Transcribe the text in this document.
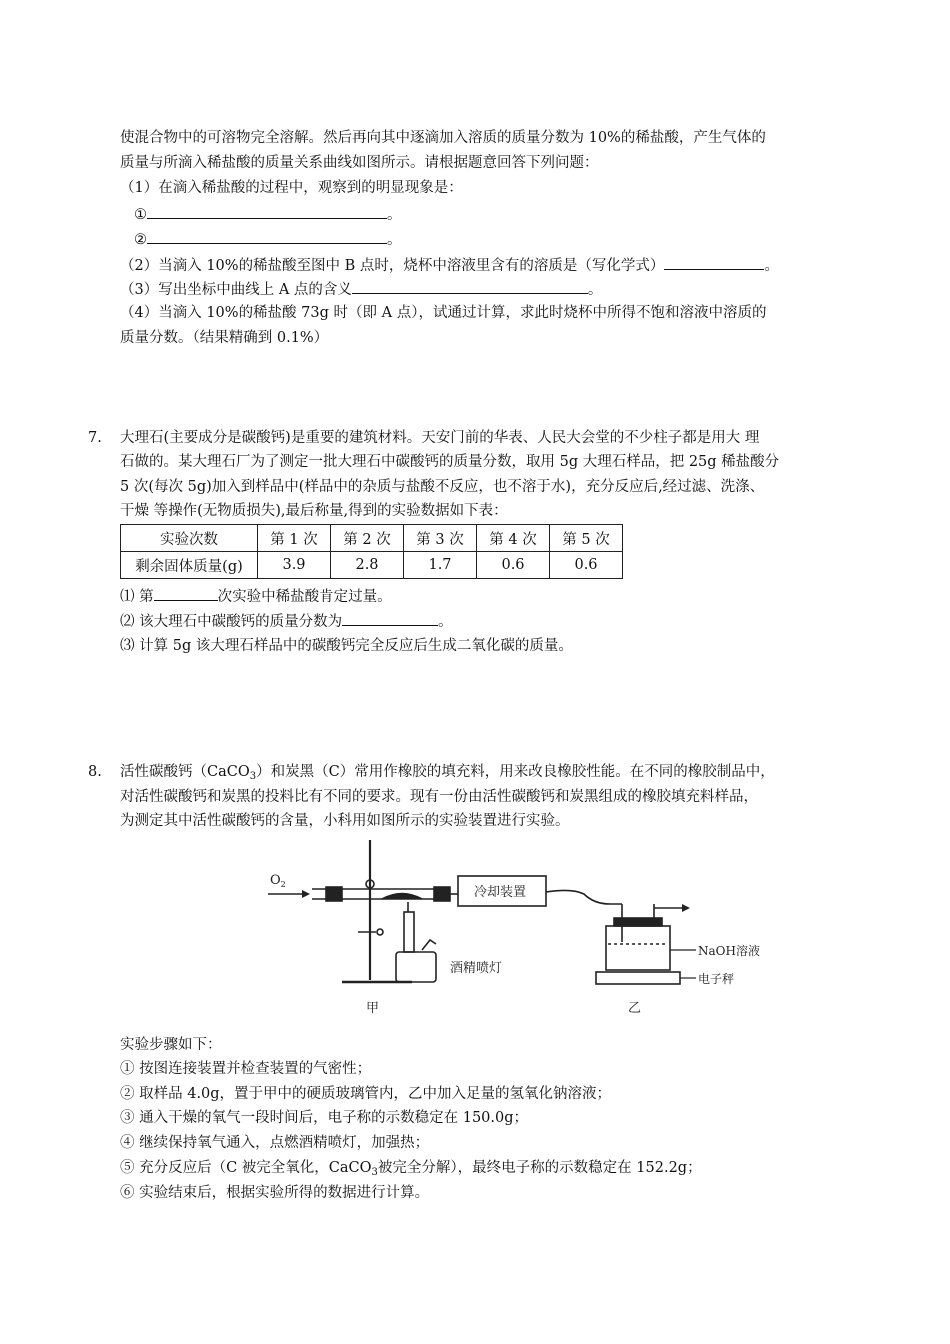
使混合物中的可溶物完全溶解。然后再向其中逐滴加入溶质的质量分数为 10%的稀盐酸，产生气体的
质量与所滴入稀盐酸的质量关系曲线如图所示。请根据题意回答下列问题：
（1）在滴入稀盐酸的过程中，观察到的明显现象是：
①	。
②	。
（2）当滴入 10%的稀盐酸至图中 B 点时，烧杯中溶液里含有的溶质是（写化学式）	。
（3）写出坐标中曲线上 A 点的含义	。
（4）当滴入 10%的稀盐酸 73g 时（即 A 点），试通过计算，求此时烧杯中所得不饱和溶液中溶质的
质量分数。（结果精确到 0.1%）
7. 大理石(主要成分是碳酸钙)是重要的建筑材料。天安门前的华表、人民大会堂的不少柱子都是用大 理
石做的。某大理石厂为了测定一批大理石中碳酸钙的质量分数，取用 5g 大理石样品，把 25g 稀盐酸分
5 次(每次 5g)加入到样品中(样品中的杂质与盐酸不反应，也不溶于水)，充分反应后,经过滤、洗涤、
干燥 等操作(无物质损失),最后称量,得到的实验数据如下表：
实验次数	第 1 次	第 2 次	第 3 次	第 4 次	第 5 次
剩余固体质量(g)	3.9	2.8	1.7	0.6	0.6
⑴ 第	次实验中稀盐酸肯定过量。
⑵ 该大理石中碳酸钙的质量分数为	。
⑶ 计算 5g 该大理石样品中的碳酸钙完全反应后生成二氧化碳的质量。
8. 活性碳酸钙（CaCO$_3$）和炭黑（C）常用作橡胶的填充料，用来改良橡胶性能。在不同的橡胶制品中，
对活性碳酸钙和炭黑的投料比有不同的要求。现有一份由活性碳酸钙和炭黑组成的橡胶填充料样品，
为测定其中活性碳酸钙的含量，小科用如图所示的实验装置进行实验。
$O_2$
酒精喷灯
冷却装置
NaOH溶液
电子秤
甲	乙
实验步骤如下：
① 按图连接装置并检查装置的气密性；
② 取样品 4.0g，置于甲中的硬质玻璃管内，乙中加入足量的氢氧化钠溶液；
③ 通入干燥的氧气一段时间后，电子称的示数稳定在 150.0g；
④ 继续保持氧气通入，点燃酒精喷灯，加强热；
⑤ 充分反应后（C 被完全氧化，CaCO$_3$被完全分解），最终电子称的示数稳定在 152.2g；
⑥ 实验结束后，根据实验所得的数据进行计算。
